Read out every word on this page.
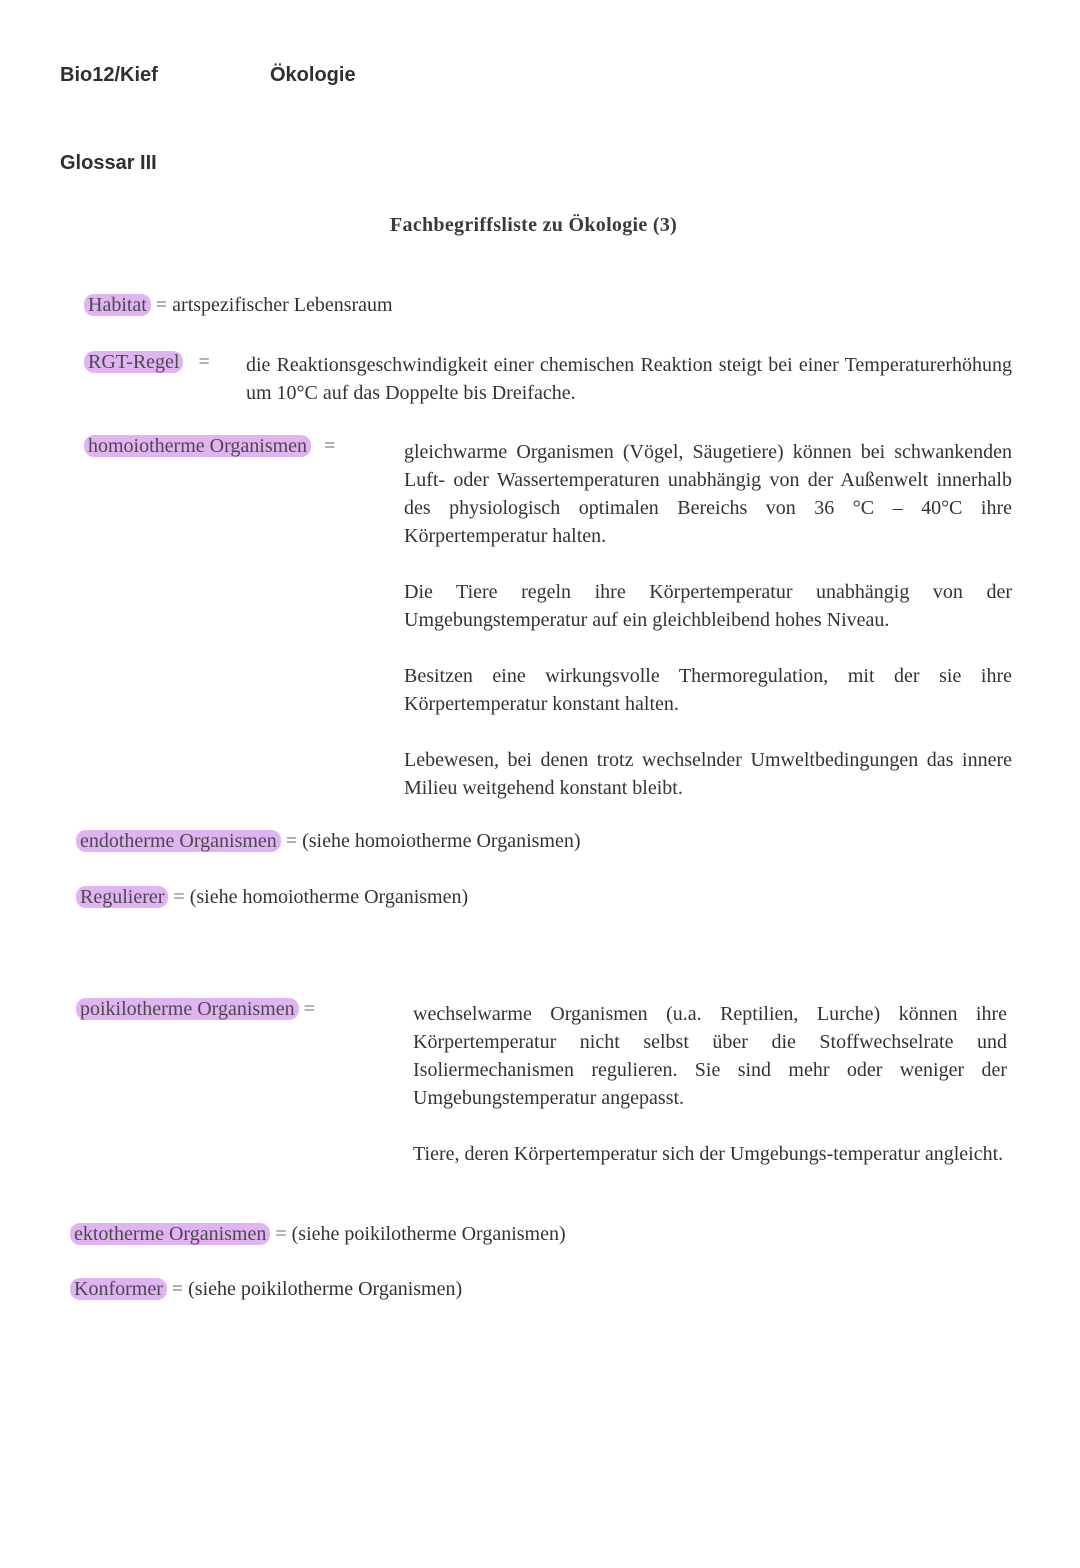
Bio12/Kief	Ökologie
Glossar III
Fachbegriffsliste zu Ökologie (3)
Habitat = artspezifischer Lebensraum
RGT-Regel = die Reaktionsgeschwindigkeit einer chemischen Reaktion steigt bei einer Temperaturerhöhung um 10°C auf das Doppelte bis Dreifache.

homoiotherme Organismen =	gleichwarme Organismen (Vögel, Säugetiere) können bei schwankenden Luft- oder Wassertemperaturen unabhängig von der Außenwelt innerhalb des physiologisch optimalen Bereichs von 36 °C – 40°C ihre Körpertemperatur halten.

Die Tiere regeln ihre Körpertemperatur unabhängig von der Umgebungstemperatur auf ein gleichbleibend hohes Niveau.

Besitzen eine wirkungsvolle Thermoregulation, mit der sie ihre Körpertemperatur konstant halten.

Lebewesen, bei denen trotz wechselnder Umweltbedingungen das innere Milieu weitgehend konstant bleibt.

endotherme Organismen = (siehe homoiotherme Organismen)
Regulierer = (siehe homoiotherme Organismen)
poikilotherme Organismen =	wechselwarme Organismen (u.a. Reptilien, Lurche) können ihre Körpertemperatur nicht selbst über die Stoffwechselrate und Isoliermechanismen regulieren. Sie sind mehr oder weniger der Umgebungstemperatur angepasst.

Tiere, deren Körpertemperatur sich der Umgebungs-temperatur angleicht.

ektotherme Organismen = (siehe poikilotherme Organismen)
Konformer = (siehe poikilotherme Organismen)
